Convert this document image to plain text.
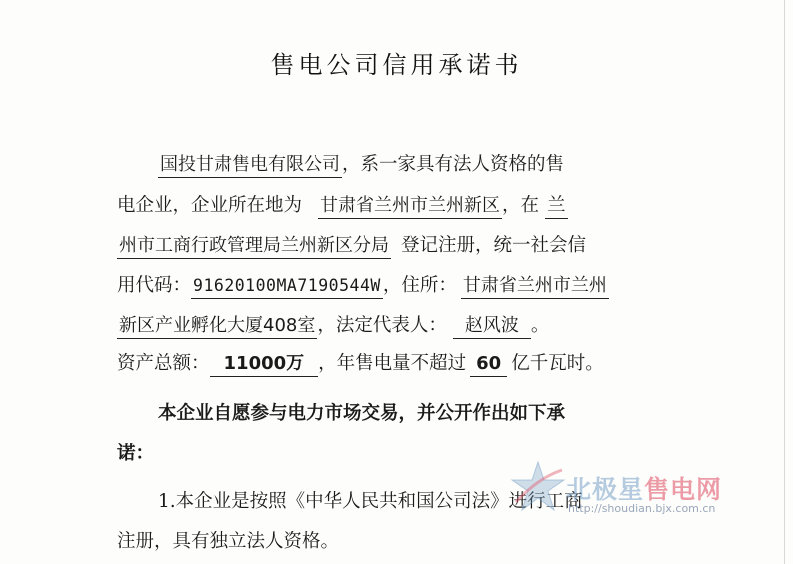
售电公司信用承诺书
国投甘肃售电有限公司 ，系一家具有法人资格的售
电企业，企业所在地为 甘肃省兰州市兰州新区 ，在 兰
州市工商行政管理局兰州新区分局 登记注册，统一社会信
用代码： 91620100MA7190544W ，住所： 甘肃省兰州市兰州
新区产业孵化大厦408室 ，法定代表人： 赵风波 。
资产总额： 11000万 ，年售电量不超过 60 亿千瓦时。
本企业自愿参与电力市场交易，并公开作出如下承
诺：
1.本企业是按照《中华人民共和国公司法》进行工商
注册，具有独立法人资格。
北极星售电网
http://shoudian.bjx.com.cn
